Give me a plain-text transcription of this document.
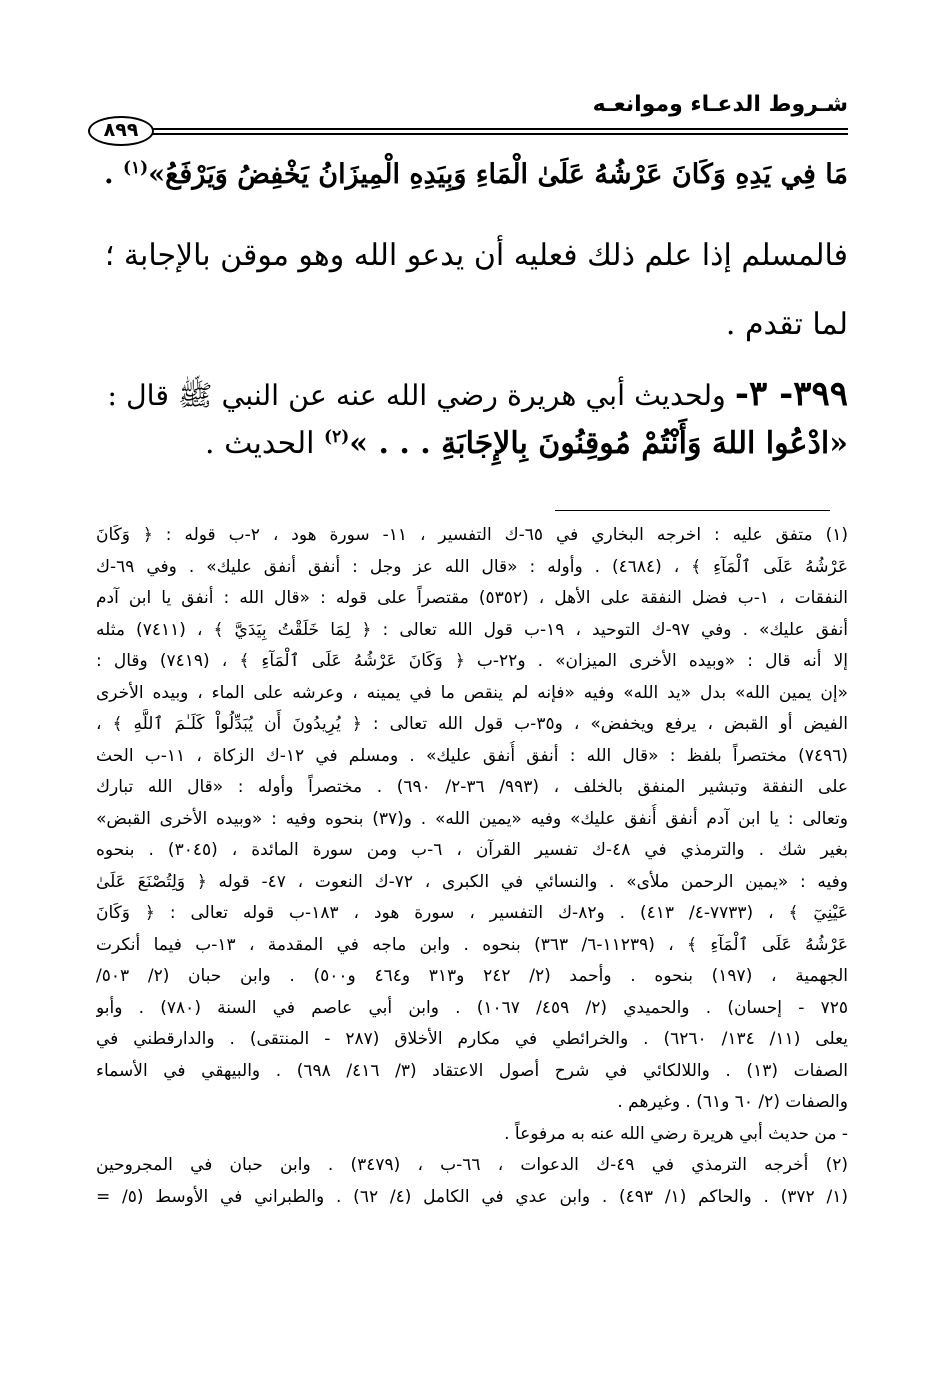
شـروط الدعـاء وموانعـه
٨٩٩
مَا فِي يَدِهِ وَكَانَ عَرْشُهُ عَلَىٰ الْمَاءِ وَبِيَدِهِ الْمِيزَانُ يَخْفِضُ وَيَرْفَعُ»$^{(١)}$ .
فالمسلم إذا علم ذلك فعليه أن يدعو الله وهو موقن بالإجابة ؛
لما تقدم .
٣٩٩- ٣- ولحديث أبي هريرة رضي الله عنه عن النبي ﷺ قال :
«ادْعُوا اللهَ وَأَنْتُمْ مُوقِنُونَ بِالإِجَابَةِ . . . »$^{(٢)}$ الحديث .
(١) متفق عليه : اخرجه البخاري في ٦٥-ك التفسير ، ١١- سورة هود ، ٢-ب قوله : ﴿ وَكَانَ
عَرْشُهُ عَلَى ٱلْمَآءِ ﴾ ، (٤٦٨٤) . وأوله : «قال الله عز وجل : أنفق أنفق عليك» . وفي ٦٩-ك
النفقات ، ١-ب فضل النفقة على الأهل ، (٥٣٥٢) مقتصراً على قوله : «قال الله : أنفق يا ابن آدم
أنفق عليك» . وفي ٩٧-ك التوحيد ، ١٩-ب قول الله تعالى : ﴿ لِمَا خَلَقْتُ بِيَدَيَّ ﴾ ، (٧٤١١) مثله
إلا أنه قال : «وبيده الأخرى الميزان» . و٢٢-ب ﴿ وَكَانَ عَرْشُهُ عَلَى ٱلْمَآءِ ﴾ ، (٧٤١٩) وقال :
«إن يمين الله» بدل «يد الله» وفيه «فإنه لم ينقص ما في يمينه ، وعرشه على الماء ، وبيده الأخرى
الفيض أو القبض ، يرفع ويخفض» ، و٣٥-ب قول الله تعالى : ﴿ يُرِيدُونَ أَن يُبَدِّلُواْ كَلَـٰمَ ٱللَّهِ ﴾ ،
(٧٤٩٦) مختصراً بلفظ : «قال الله : أنفق أُنفق عليك» . ومسلم في ١٢-ك الزكاة ، ١١-ب الحث
على النفقة وتبشير المنفق بالخلف ، (٩٩٣/ ٣٦-٢/ ٦٩٠) . مختصراً وأوله : «قال الله تبارك
وتعالى : يا ابن آدم أنفق أُنفق عليك» وفيه «يمين الله» . و(٣٧) بنحوه وفيه : «وبيده الأخرى القبض»
بغير شك . والترمذي في ٤٨-ك تفسير القرآن ، ٦-ب ومن سورة المائدة ، (٣٠٤٥) . بنحوه
وفيه : «يمين الرحمن ملأى» . والنسائي في الكبرى ، ٧٢-ك النعوت ، ٤٧- قوله ﴿ وَلِتُصْنَعَ عَلَىٰ
عَيْنِيٓ ﴾ ، (٧٧٣٣-٤/ ٤١٣) . و٨٢-ك التفسير ، سورة هود ، ١٨٣-ب قوله تعالى : ﴿ وَكَانَ
عَرْشُهُ عَلَى ٱلْمَآءِ ﴾ ، (١١٢٣٩-٦/ ٣٦٣) بنحوه . وابن ماجه في المقدمة ، ١٣-ب فيما أنكرت
الجهمية ، (١٩٧) بنحوه . وأحمد (٢/ ٢٤٢ و٣١٣ و٤٦٤ و٥٠٠) . وابن حبان (٢/ ٥٠٣/
٧٢٥ - إحسان) . والحميدي (٢/ ٤٥٩/ ١٠٦٧) . وابن أبي عاصم في السنة (٧٨٠) . وأبو
يعلى (١١/ ١٣٤/ ٦٢٦٠) . والخرائطي في مكارم الأخلاق (٢٨٧ - المنتقى) . والدارقطني في
الصفات (١٣) . واللالكائي في شرح أصول الاعتقاد (٣/ ٤١٦/ ٦٩٨) . والبيهقي في الأسماء
والصفات (٢/ ٦٠ و٦١) . وغيرهم .
- من حديث أبي هريرة رضي الله عنه به مرفوعاً .
(٢) أخرجه الترمذي في ٤٩-ك الدعوات ، ٦٦-ب ، (٣٤٧٩) . وابن حبان في المجروحين
(١/ ٣٧٢) . والحاكم (١/ ٤٩٣) . وابن عدي في الكامل (٤/ ٦٢) . والطبراني في الأوسط (٥/ =
